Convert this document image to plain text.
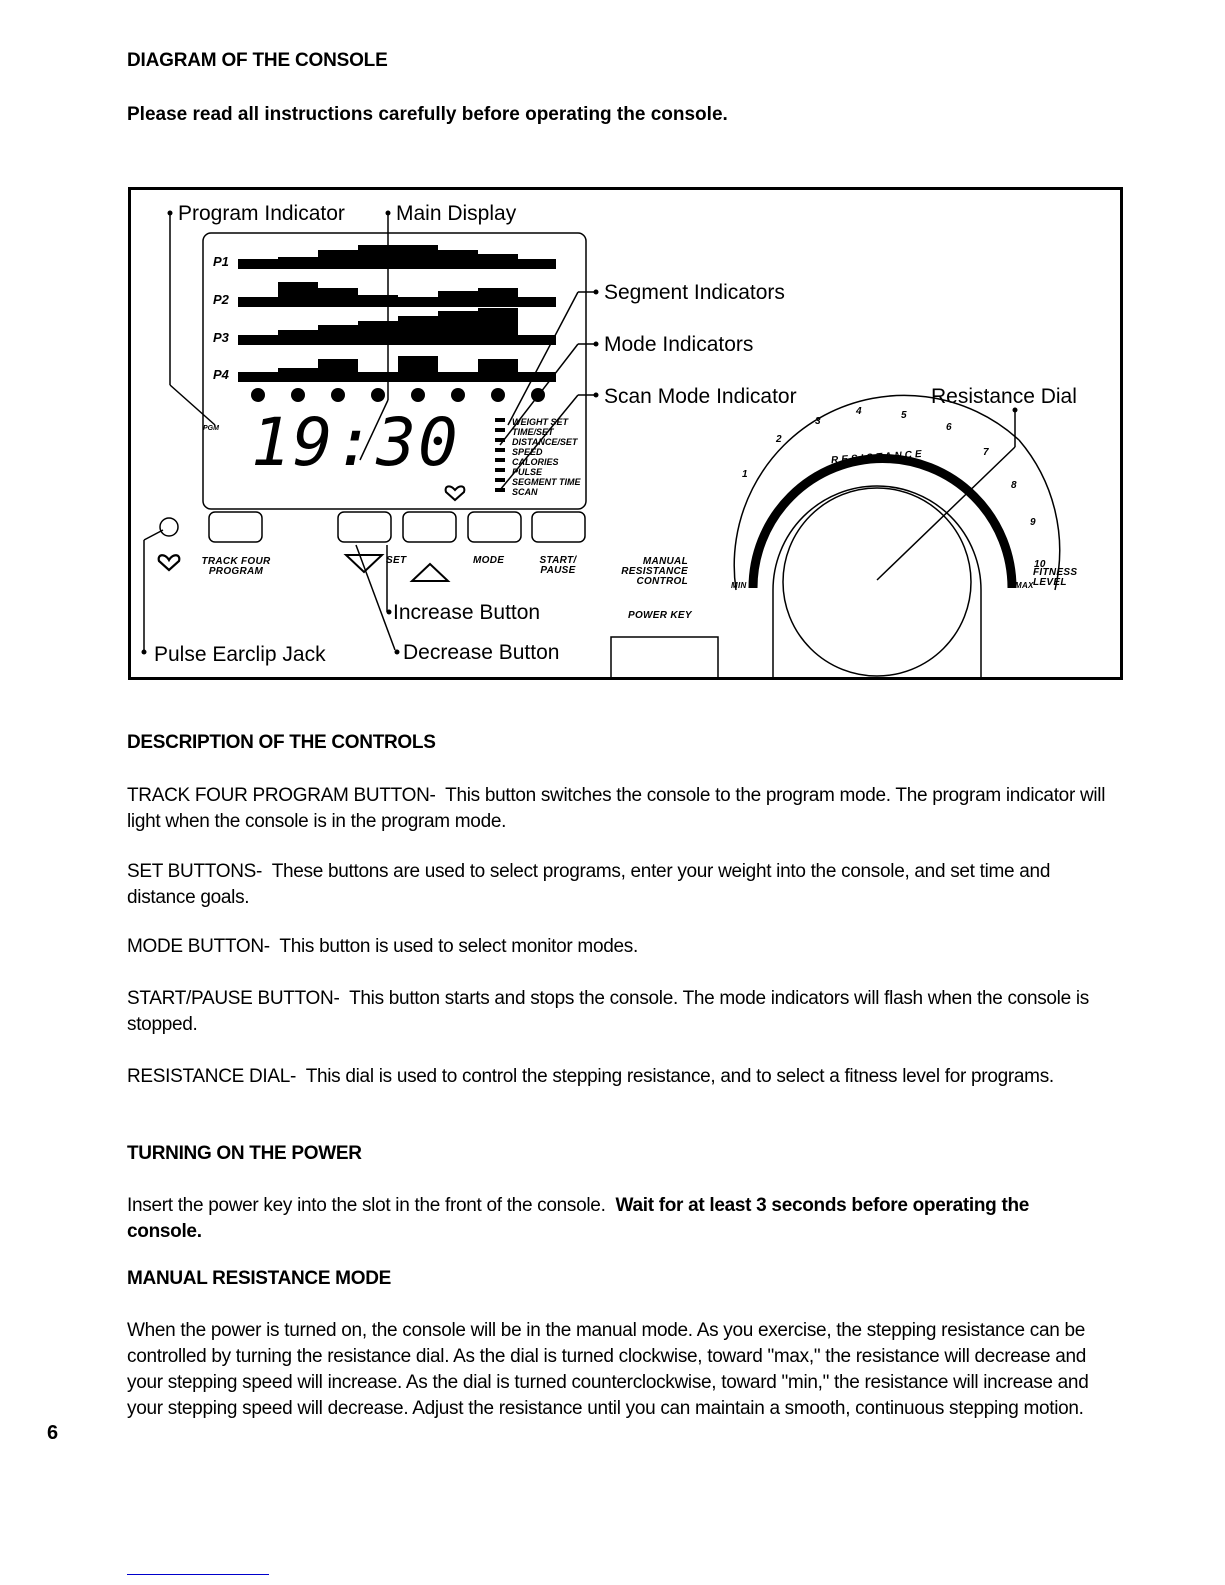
DIAGRAM OF THE CONSOLE
Please read all instructions carefully before operating the console.
Program Indicator Main Display
Segment Indicators
Mode Indicators
Scan Mode Indicator	Resistance Dial
Increase Button
Decrease Button
Pulse Earclip Jack
P1
P2
P3
P4
PGM 19:30	WEIGHT SET
TIME/SET
DISTANCE/SET
SPEED
CALORIES
PULSE
SEGMENT TIME
SCAN
TRACK FOUR PROGRAM
SET	MODE	START/ PAUSE
MANUAL RESISTANCE CONTROL	MIN	MAX
FITNESS LEVEL
RESISTANCE
POWER KEY
1
2
3
4	5
6
7
8
9
10
DESCRIPTION OF THE CONTROLS
TRACK FOUR PROGRAM BUTTON- This button switches the console to the program mode. The program indicator will light when the console is in the program mode.
SET BUTTONS- These buttons are used to select programs, enter your weight into the console, and set time and distance goals.
MODE BUTTON- This button is used to select monitor modes.
START/PAUSE BUTTON- This button starts and stops the console. The mode indicators will flash when the console is stopped.
RESISTANCE DIAL- This dial is used to control the stepping resistance, and to select a fitness level for programs.
TURNING ON THE POWER
Insert the power key into the slot in the front of the console. Wait for at least 3 seconds before operating the console.
MANUAL RESISTANCE MODE
When the power is turned on, the console will be in the manual mode. As you exercise, the stepping resistance can be controlled by turning the resistance dial. As the dial is turned clockwise, toward "max," the resistance will decrease and your stepping speed will increase. As the dial is turned counterclockwise, toward "min," the resistance will increase and your stepping speed will decrease. Adjust the resistance until you can maintain a smooth, continuous stepping motion.
6
